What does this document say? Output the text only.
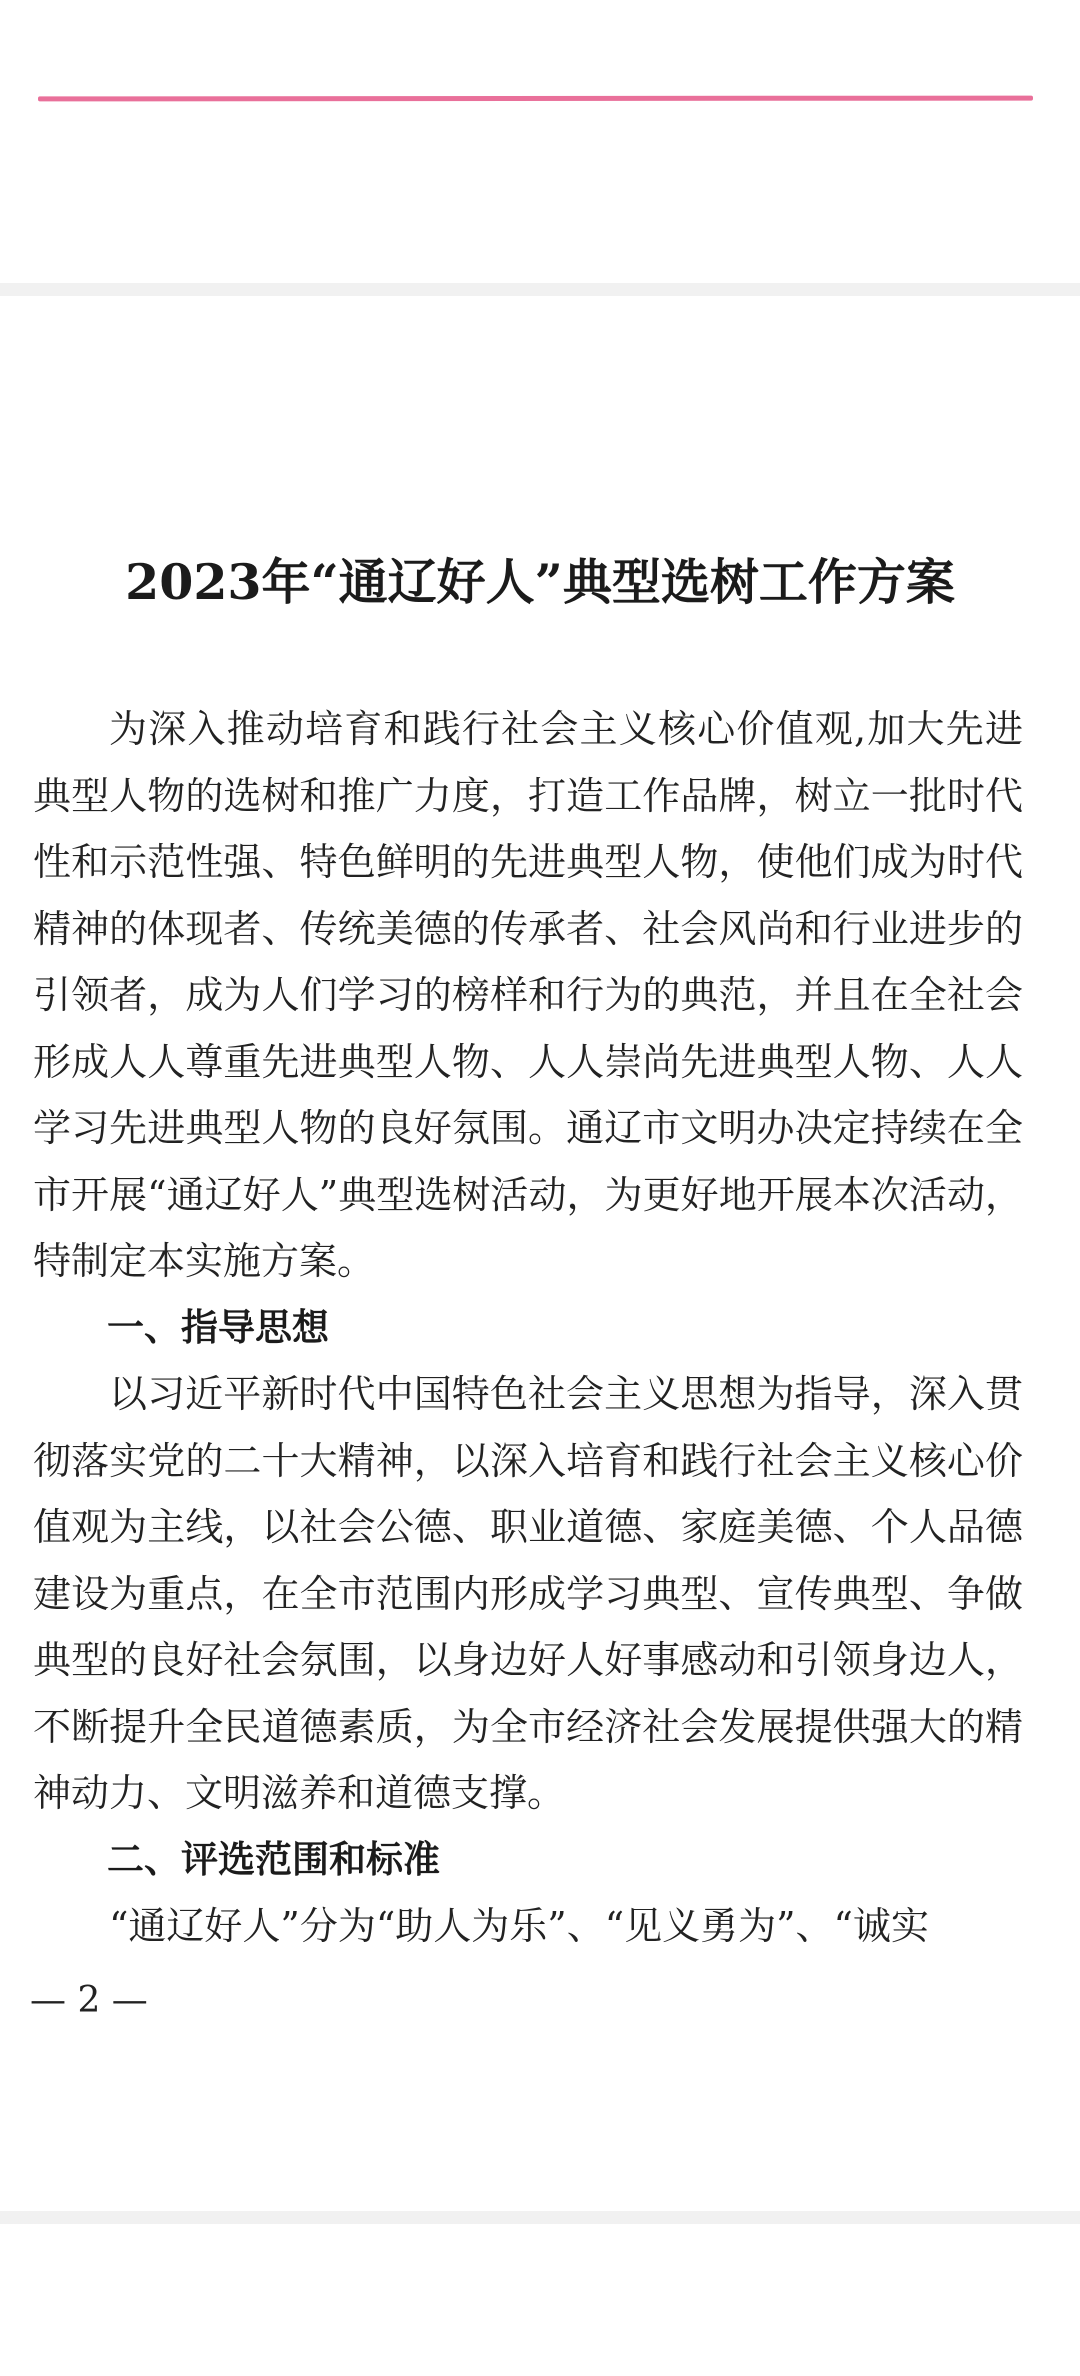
2023年“通辽好人”典型选树工作方案

为深入推动培育和践行社会主义核心价值观,加大先进典型人物的选树和推广力度，打造工作品牌，树立一批时代性和示范性强、特色鲜明的先进典型人物，使他们成为时代精神的体现者、传统美德的传承者、社会风尚和行业进步的引领者，成为人们学习的榜样和行为的典范，并且在全社会形成人人尊重先进典型人物、人人崇尚先进典型人物、人人学习先进典型人物的良好氛围。通辽市文明办决定持续在全市开展“通辽好人”典型选树活动，为更好地开展本次活动，特制定本实施方案。

一、指导思想

以习近平新时代中国特色社会主义思想为指导，深入贯彻落实党的二十大精神，以深入培育和践行社会主义核心价值观为主线，以社会公德、职业道德、家庭美德、个人品德建设为重点，在全市范围内形成学习典型、宣传典型、争做典型的良好社会氛围，以身边好人好事感动和引领身边人，不断提升全民道德素质，为全市经济社会发展提供强大的精神动力、文明滋养和道德支撑。

二、评选范围和标准

“通辽好人”分为“助人为乐”、“见义勇为”、“诚实

— 2 —
